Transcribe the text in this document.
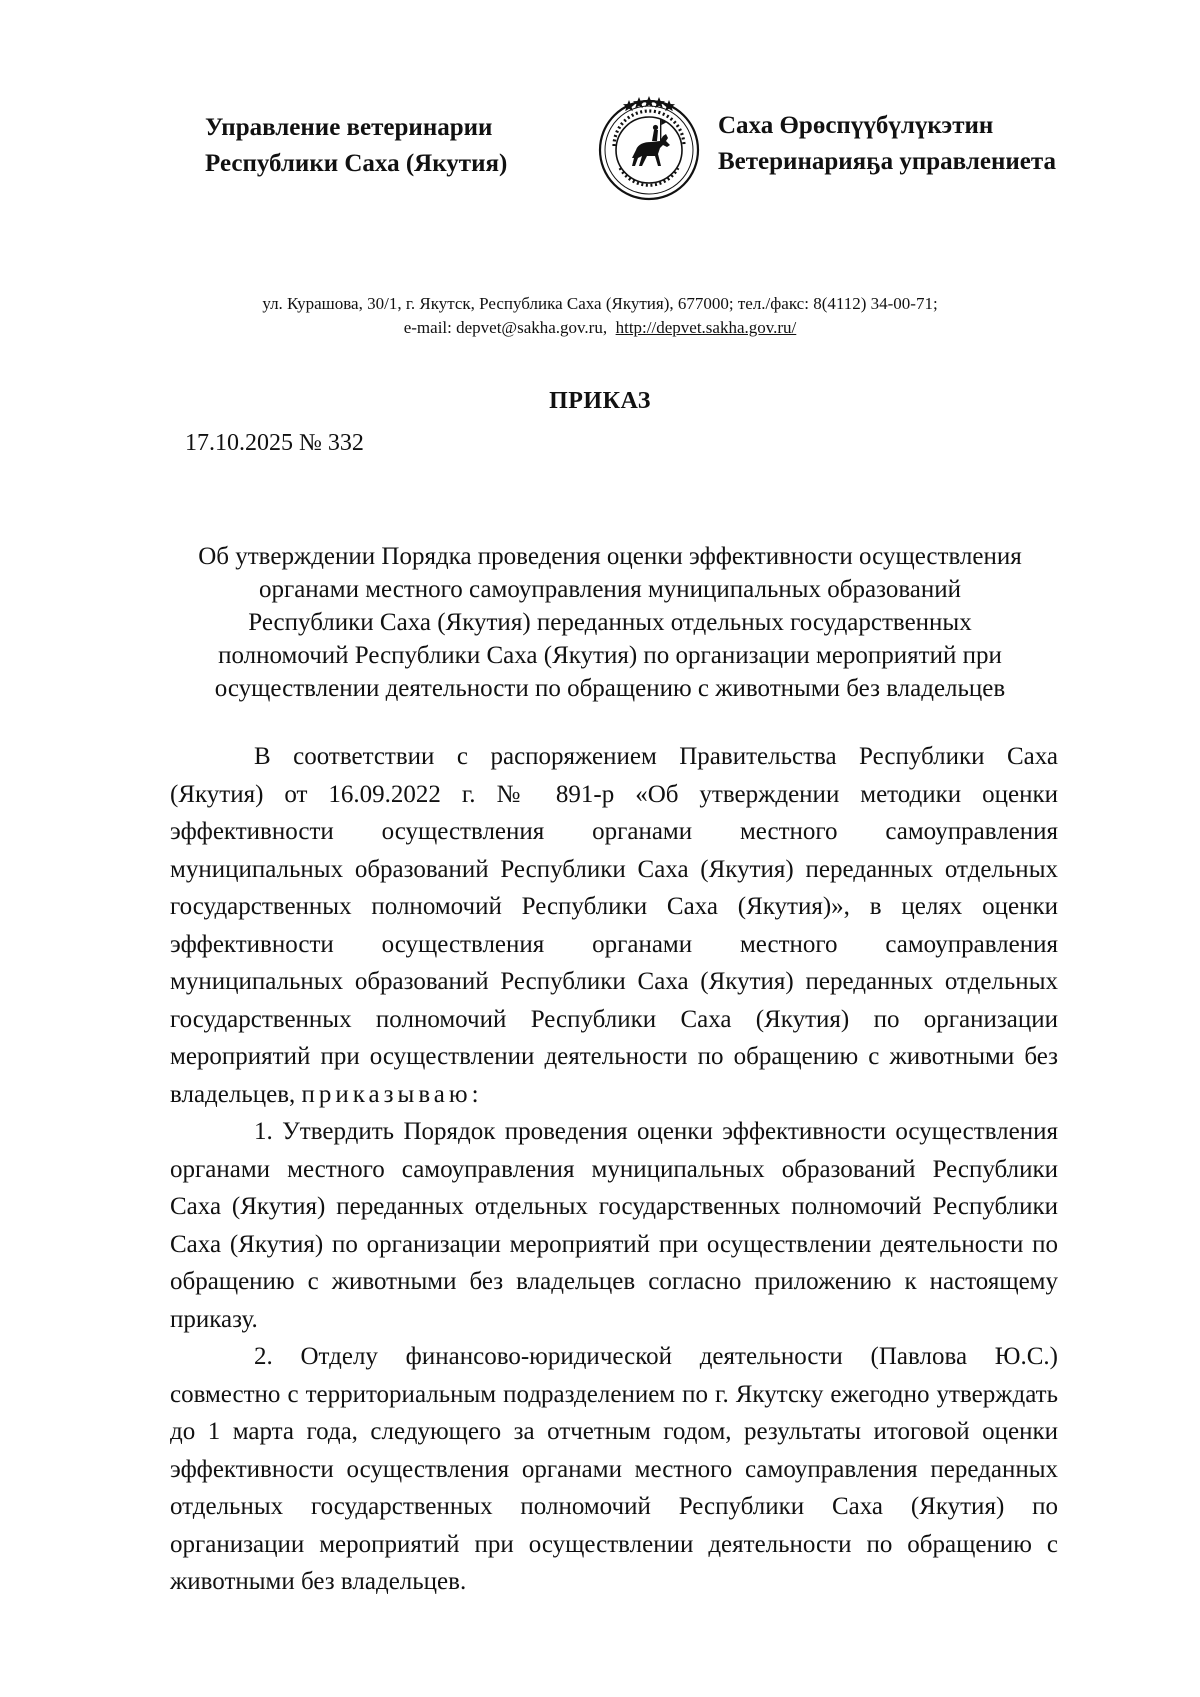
Управление ветеринарии
Республики Саха (Якутия)
Саха Өрөспүүбүлүкэтин
Ветеринарияҕа управлениета
ул. Курашова, 30/1, г. Якутск, Республика Саха (Якутия), 677000; тел./факс: 8(4112) 34-00-71;
e-mail: depvet@sakha.gov.ru, http://depvet.sakha.gov.ru/
ПРИКАЗ
17.10.2025 № 332
Об утверждении Порядка проведения оценки эффективности осуществления
органами местного самоуправления муниципальных образований
Республики Саха (Якутия) переданных отдельных государственных
полномочий Республики Саха (Якутия) по организации мероприятий при
осуществлении деятельности по обращению с животными без владельцев

В соответствии с распоряжением Правительства Республики Саха (Якутия) от 16.09.2022 г. № 891-р «Об утверждении методики оценки эффективности осуществления органами местного самоуправления муниципальных образований Республики Саха (Якутия) переданных отдельных государственных полномочий Республики Саха (Якутия)», в целях оценки эффективности осуществления органами местного самоуправления муниципальных образований Республики Саха (Якутия) переданных отдельных государственных полномочий Республики Саха (Якутия) по организации мероприятий при осуществлении деятельности по обращению с животными без владельцев, приказываю:

1. Утвердить Порядок проведения оценки эффективности осуществления органами местного самоуправления муниципальных образований Республики Саха (Якутия) переданных отдельных государственных полномочий Республики Саха (Якутия) по организации мероприятий при осуществлении деятельности по обращению с животными без владельцев согласно приложению к настоящему приказу.

2. Отделу финансово-юридической деятельности (Павлова Ю.С.) совместно с территориальным подразделением по г. Якутску ежегодно утверждать до 1 марта года, следующего за отчетным годом, результаты итоговой оценки эффективности осуществления органами местного самоуправления переданных отдельных государственных полномочий Республики Саха (Якутия) по организации мероприятий при осуществлении деятельности по обращению с животными без владельцев.
